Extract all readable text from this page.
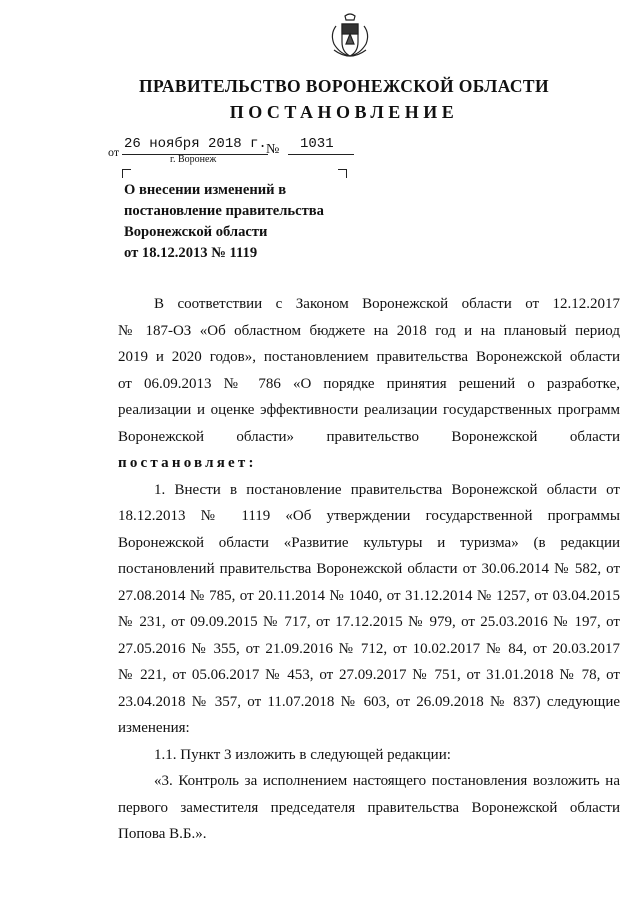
ПРАВИТЕЛЬСТВО ВОРОНЕЖСКОЙ ОБЛАСТИ
ПОСТАНОВЛЕНИЕ
от 26 ноября 2018 г. № 1031
г. Воронеж
О внесении изменений в
постановление правительства
Воронежской области
от 18.12.2013 № 1119
В соответствии с Законом Воронежской области от 12.12.2017
№ 187-ОЗ «Об областном бюджете на 2018 год и на плановый период
2019 и 2020 годов», постановлением правительства Воронежской области
от 06.09.2013 № 786 «О порядке принятия решений о разработке,
реализации и оценке эффективности реализации государственных программ
Воронежской области» правительство Воронежской области
постановляет:
1. Внести в постановление правительства Воронежской области от
18.12.2013 № 1119 «Об утверждении государственной программы
Воронежской области «Развитие культуры и туризма» (в редакции
постановлений правительства Воронежской области от 30.06.2014 № 582, от
27.08.2014 № 785, от 20.11.2014 № 1040, от 31.12.2014 № 1257, от 03.04.2015
№ 231, от 09.09.2015 № 717, от 17.12.2015 № 979, от 25.03.2016 № 197, от
27.05.2016 № 355, от 21.09.2016 № 712, от 10.02.2017 № 84, от 20.03.2017
№ 221, от 05.06.2017 № 453, от 27.09.2017 № 751, от 31.01.2018 № 78, от
23.04.2018 № 357, от 11.07.2018 № 603, от 26.09.2018 № 837) следующие
изменения:
1.1. Пункт 3 изложить в следующей редакции:
«3. Контроль за исполнением настоящего постановления возложить на
первого заместителя председателя правительства Воронежской области
Попова В.Б.».
